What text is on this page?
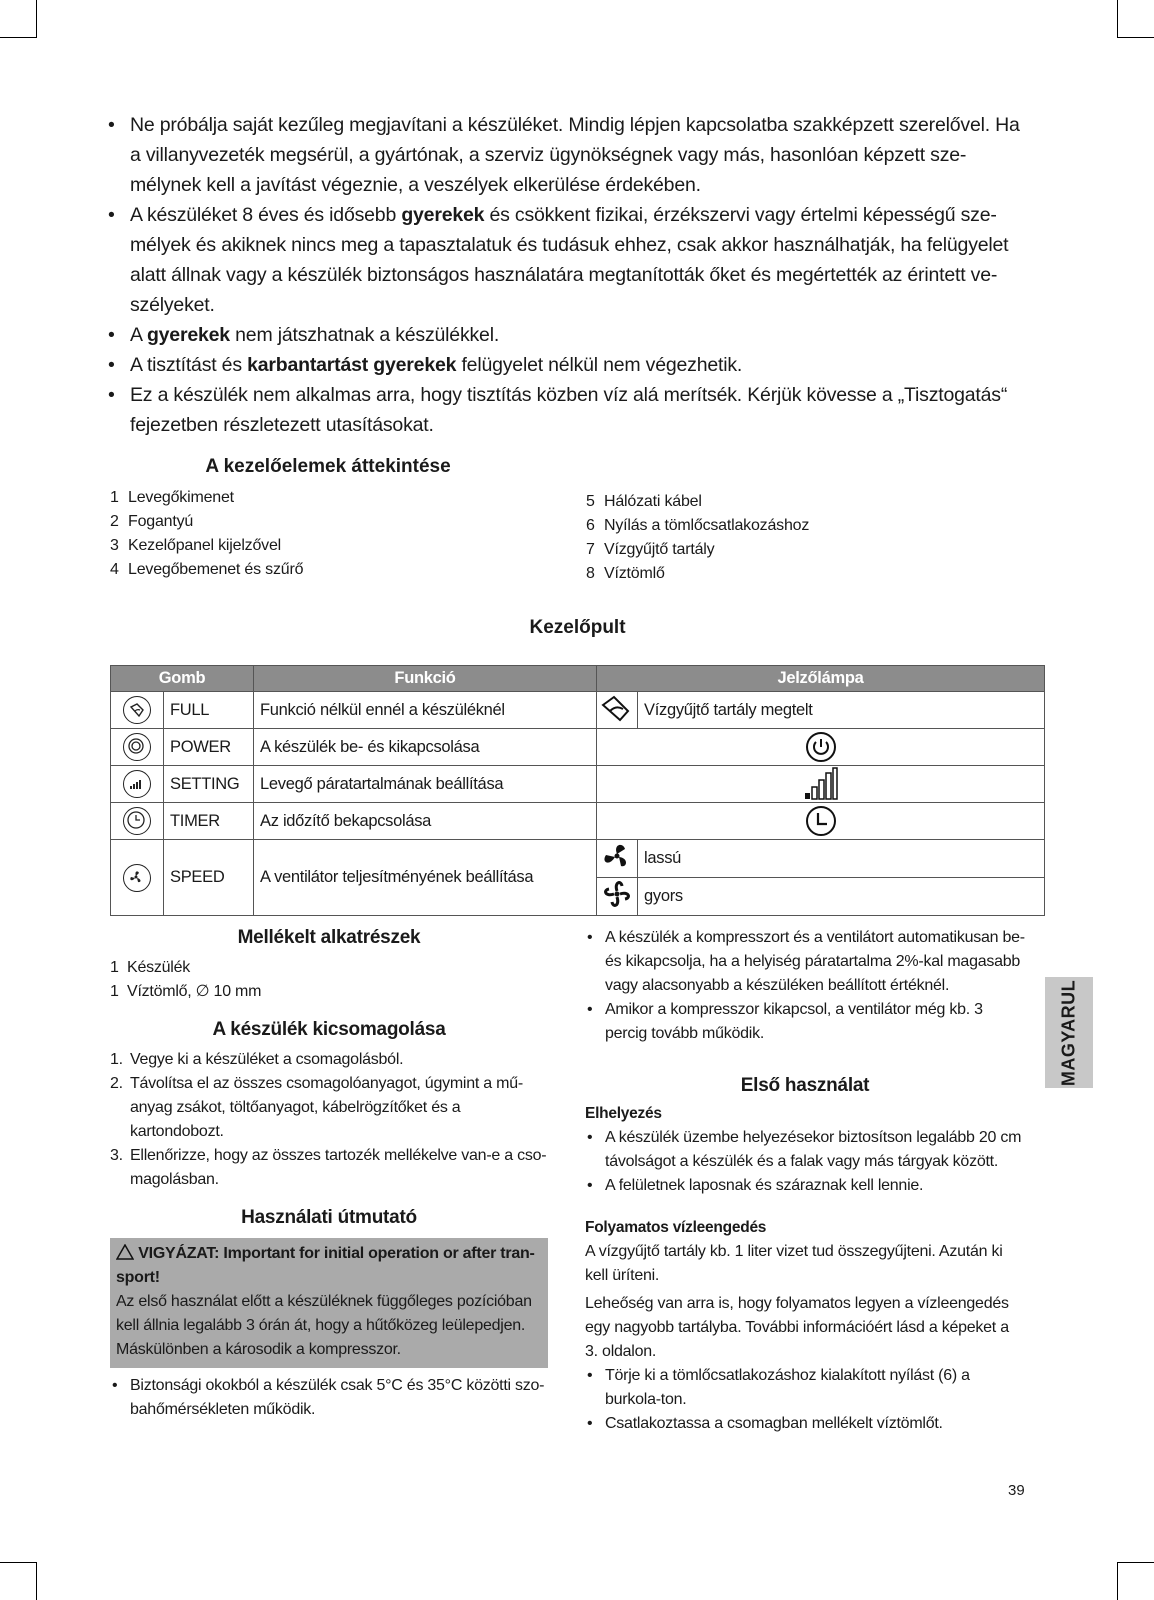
• Ne próbálja saját kezűleg megjavítani a készüléket. Mindig lépjen kapcsolatba szakképzett szerelővel. Ha a villanyvezeték megsérül, a gyártónak, a szerviz ügynökségnek vagy más, hasonlóan képzett sze-mélynek kell a javítást végeznie, a veszélyek elkerülése érdekében.
• A készüléket 8 éves és idősebb gyerekek és csökkent fizikai, érzékszervi vagy értelmi képességű sze-mélyek és akiknek nincs meg a tapasztalatuk és tudásuk ehhez, csak akkor használhatják, ha felügyelet alatt állnak vagy a készülék biztonságos használatára megtanították őket és megértették az érintett ve-szélyeket.
• A gyerekek nem játszhatnak a készülékkel.
• A tisztítást és karbantartást gyerekek felügyelet nélkül nem végezhetik.
• Ez a készülék nem alkalmas arra, hogy tisztítás közben víz alá merítsék. Kérjük kövesse a „Tisztogatás“ fejezetben részletezett utasításokat.
A kezelőelemek áttekintése
1 Levegőkimenet
2 Fogantyú
3 Kezelőpanel kijelzővel
4 Levegőbemenet és szűrő
5 Hálózati kábel
6 Nyílás a tömlőcsatlakozáshoz
7 Vízgyűjtő tartály
8 Víztömlő
Kezelőpult
Gomb		Funkció	Jelzőlámpa	

	FULL	Funkció nélkül ennél a készüléknél		Vízgyűjtő tartály megtelt

	POWER	A készülék be- és kikapcsolása	

	SETTING	Levegő páratartalmának beállítása	

	TIMER	Az időzítő bekapcsolása	

	SPEED	A ventilátor teljesítményének beállítása		lassú
	gyors
Mellékelt alkatrészek
1  Készülék
1  Víztömlő, ∅ 10 mm
A készülék kicsomagolása
1. Vegye ki a készüléket a csomagolásból.
2. Távolítsa el az összes csomagolóanyagot, úgymint a mű-anyag zsákot, töltőanyagot, kábelrögzítőket és a kartondobozt.
3. Ellenőrizze, hogy az összes tartozék mellékelve van-e a cso-magolásban.
Használati útmutató
VIGYÁZAT: Important for initial operation or after tran-sport!
Az első használat előtt a készüléknek függőleges pozícióban kell állnia legalább 3 órán át, hogy a hűtőközeg leülepedjen. Máskülönben a károsodik a kompresszor.
• Biztonsági okokból a készülék csak 5°C és 35°C közötti szo-bahőmérsékleten működik.
• A készülék a kompresszort és a ventilátort automatikusan be- és kikapcsolja, ha a helyiség páratartalma 2%-kal magasabb vagy alacsonyabb a készüléken beállított értéknél.
• Amikor a kompresszor kikapcsol, a ventilátor még kb. 3 percig tovább működik.
Első használat
Elhelyezés
• A készülék üzembe helyezésekor biztosítson legalább 20 cm távolságot a készülék és a falak vagy más tárgyak között.
• A felületnek laposnak és száraznak kell lennie.
Folyamatos vízleengedés
A vízgyűjtő tartály kb. 1 liter vizet tud összegyűjteni. Azután ki kell üríteni.
Leheőség van arra is, hogy folyamatos legyen a vízleengedés egy nagyobb tartályba. További információért lásd a képeket a 3. oldalon.
• Törje ki a tömlőcsatlakozáshoz kialakított nyílást (6) a burkola-ton.
• Csatlakoztassa a csomagban mellékelt víztömlőt.
MAGYARUL
39
